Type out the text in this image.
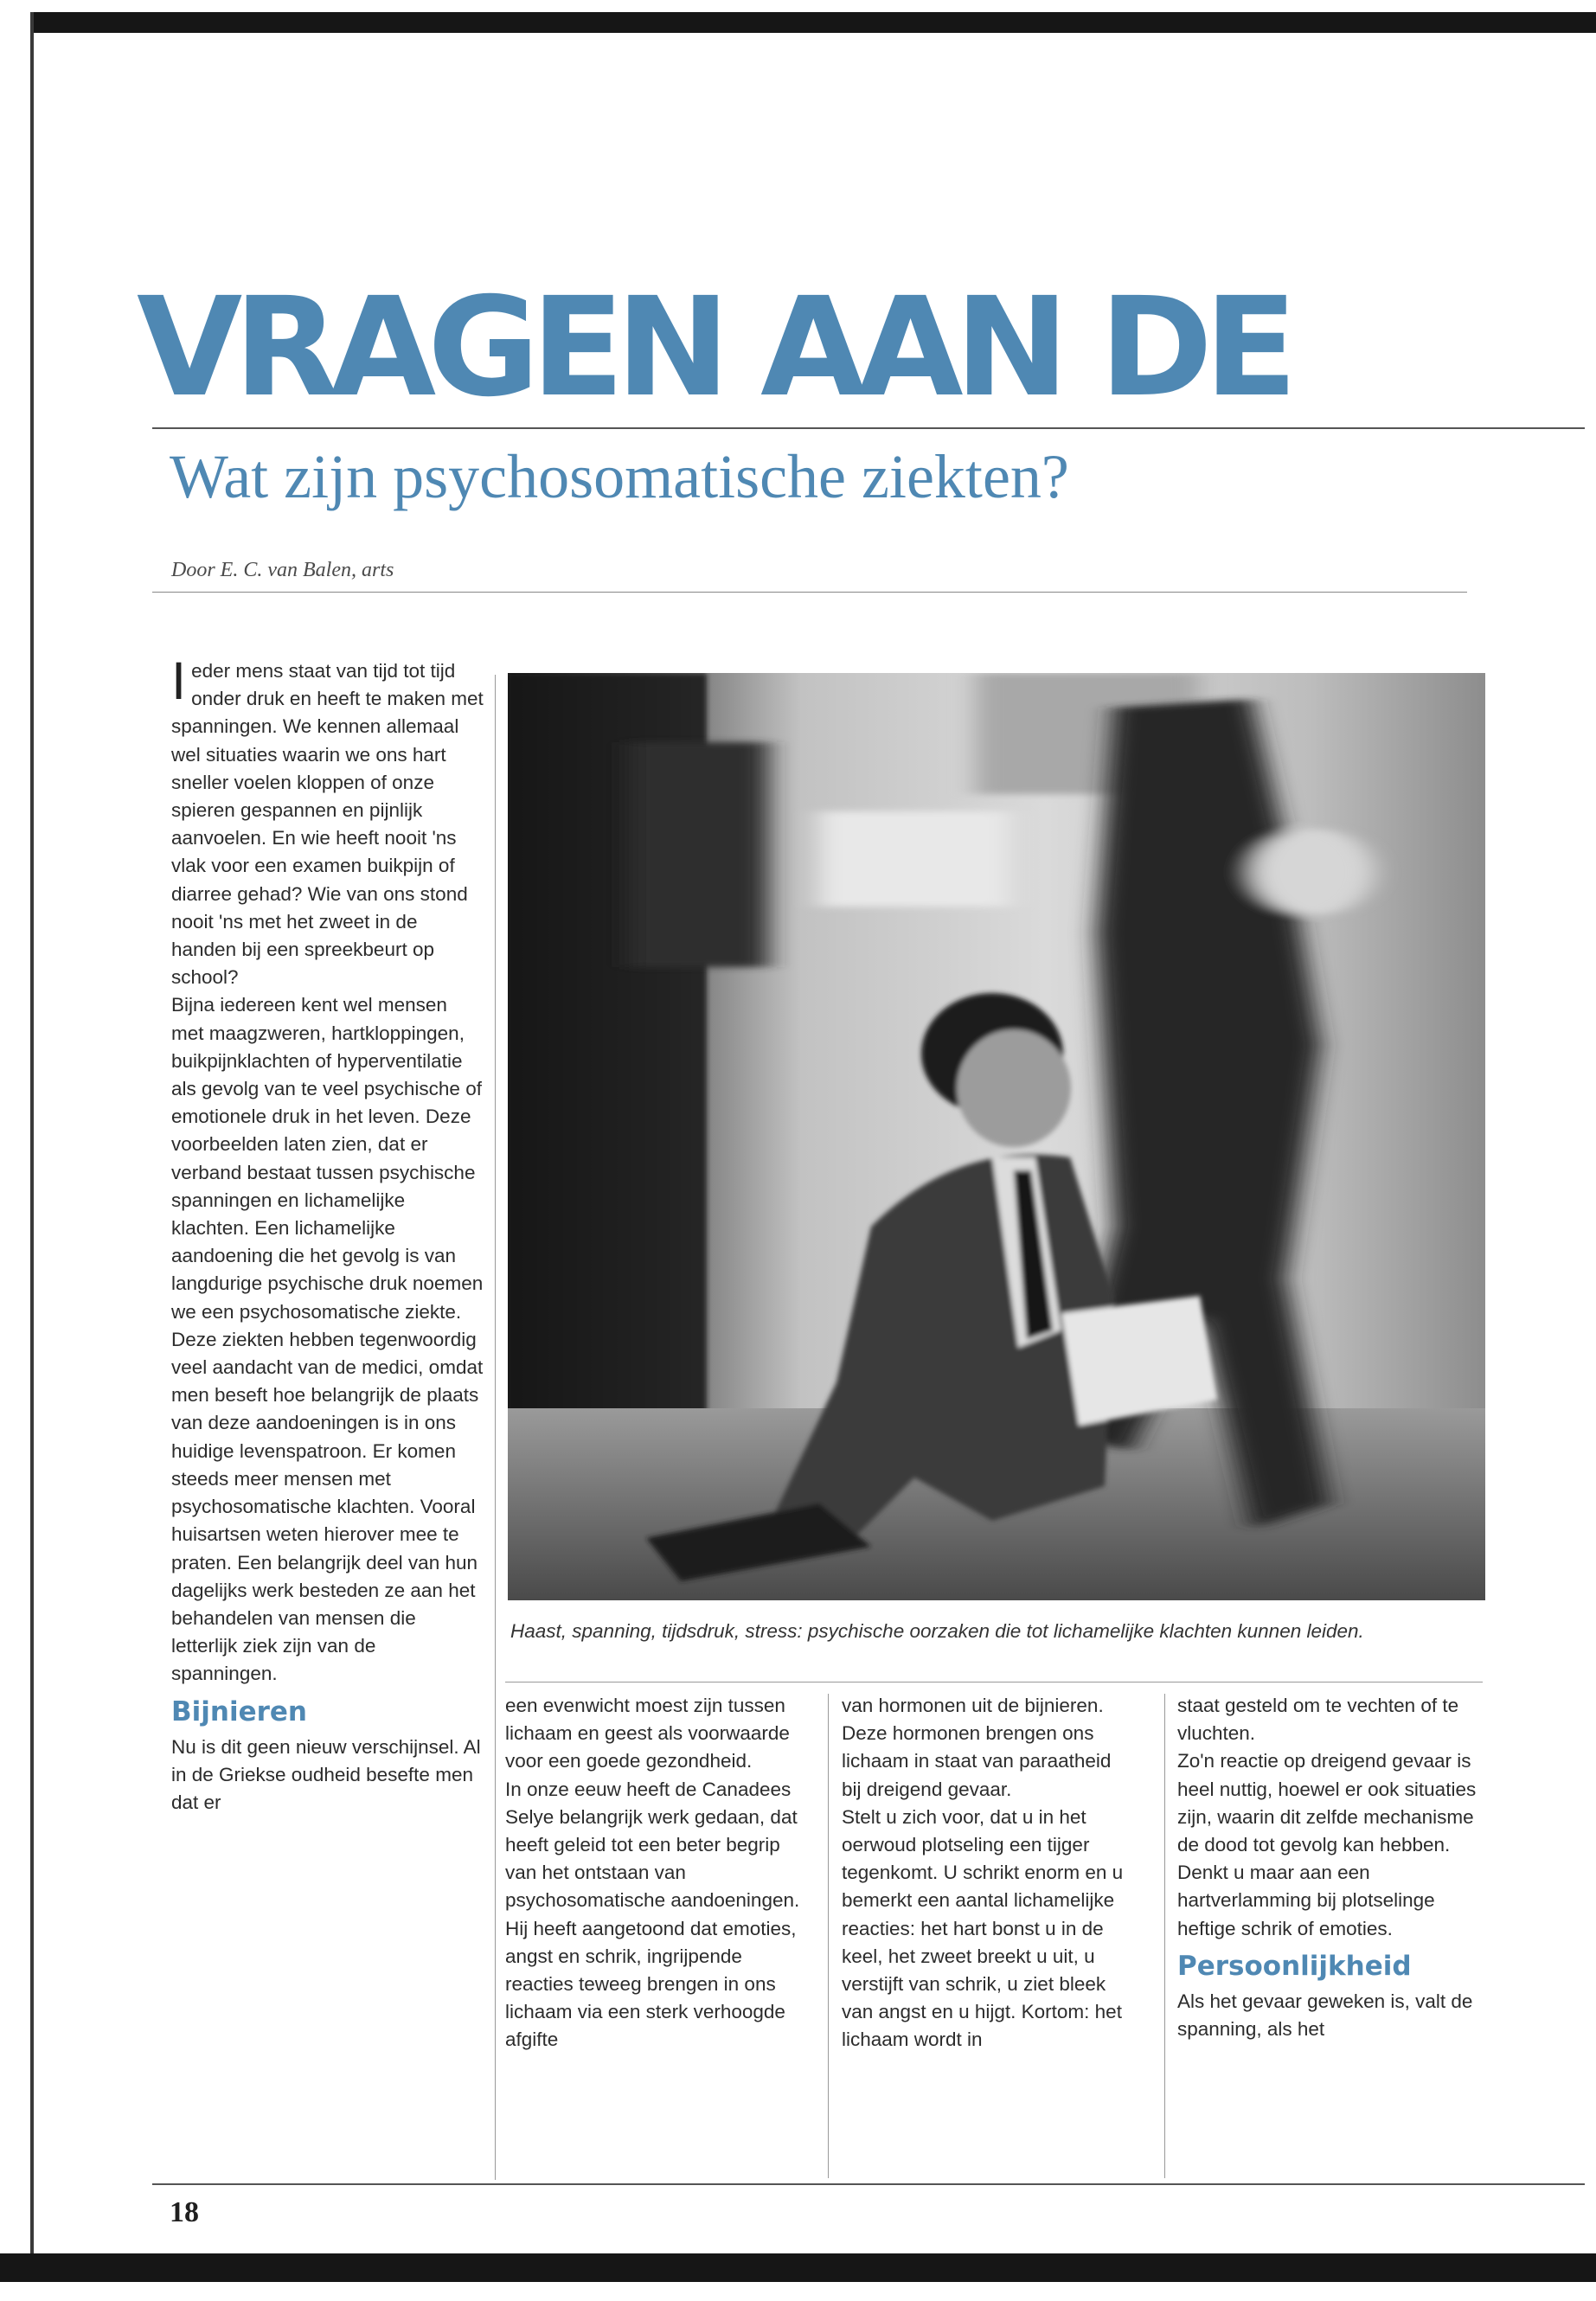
VRAGEN AAN DE
Wat zijn psychosomatische ziekten?
Door E. C. van Balen, arts

Ieder mens staat van tijd tot tijd onder druk en heeft te maken met spanningen. We kennen allemaal wel situaties waarin we ons hart sneller voelen kloppen of onze spieren gespannen en pijnlijk aanvoelen. En wie heeft nooit 'ns vlak voor een examen buikpijn of diarree gehad? Wie van ons stond nooit 'ns met het zweet in de handen bij een spreekbeurt op school?

Bijna iedereen kent wel mensen met maagzweren, hartkloppingen, buikpijnklachten of hyperventilatie als gevolg van te veel psychische of emotionele druk in het leven. Deze voorbeelden laten zien, dat er verband bestaat tussen psychische spanningen en lichamelijke klachten. Een lichamelijke aandoening die het gevolg is van langdurige psychische druk noemen we een psychosomatische ziekte.

Deze ziekten hebben tegenwoordig veel aandacht van de medici, omdat men beseft hoe belangrijk de plaats van deze aandoeningen is in ons huidige levenspatroon. Er komen steeds meer mensen met psychosomatische klachten. Vooral huisartsen weten hierover mee te praten. Een belangrijk deel van hun dagelijks werk besteden ze aan het behandelen van mensen die letterlijk ziek zijn van de spanningen.

Bijnieren

Nu is dit geen nieuw verschijnsel. Al in de Griekse oudheid besefte men dat er

Haast, spanning, tijdsdruk, stress: psychische oorzaken die tot lichamelijke klachten kunnen leiden.

een evenwicht moest zijn tussen lichaam en geest als voorwaarde voor een goede gezondheid.

In onze eeuw heeft de Canadees Selye belangrijk werk gedaan, dat heeft geleid tot een beter begrip van het ontstaan van psychosomatische aandoeningen. Hij heeft aangetoond dat emoties, angst en schrik, ingrijpende reacties teweeg brengen in ons lichaam via een sterk verhoogde afgifte

van hormonen uit de bijnieren. Deze hormonen brengen ons lichaam in staat van paraatheid bij dreigend gevaar.

Stelt u zich voor, dat u in het oerwoud plotseling een tijger tegenkomt. U schrikt enorm en u bemerkt een aantal lichamelijke reacties: het hart bonst u in de keel, het zweet breekt u uit, u verstijft van schrik, u ziet bleek van angst en u hijgt. Kortom: het lichaam wordt in

staat gesteld om te vechten of te vluchten.

Zo'n reactie op dreigend gevaar is heel nuttig, hoewel er ook situaties zijn, waarin dit zelfde mechanisme de dood tot gevolg kan hebben. Denkt u maar aan een hartverlamming bij plotselinge heftige schrik of emoties.

Persoonlijkheid

Als het gevaar geweken is, valt de spanning, als het

18
